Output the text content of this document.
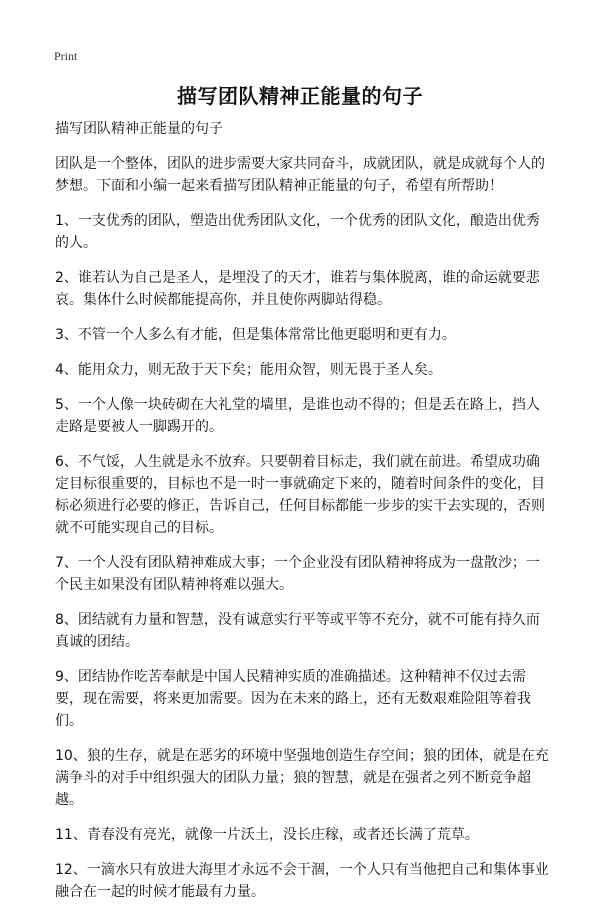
Print
描写团队精神正能量的句子

描写团队精神正能量的句子

团队是一个整体，团队的进步需要大家共同奋斗，成就团队，就是成就每个人的梦想。下面和小编一起来看描写团队精神正能量的句子，希望有所帮助！

1、一支优秀的团队，塑造出优秀团队文化，一个优秀的团队文化，酿造出优秀的人。

2、谁若认为自己是圣人，是埋没了的天才，谁若与集体脱离，谁的命运就要悲哀。集体什么时候都能提高你，并且使你两脚站得稳。

3、不管一个人多么有才能，但是集体常常比他更聪明和更有力。

4、能用众力，则无敌于天下矣；能用众智，则无畏于圣人矣。

5、一个人像一块砖砌在大礼堂的墙里，是谁也动不得的；但是丢在路上，挡人走路是要被人一脚踢开的。

6、不气馁，人生就是永不放弃。只要朝着目标走，我们就在前进。希望成功确定目标很重要的，目标也不是一时一事就确定下来的，随着时间条件的变化，目标必须进行必要的修正，告诉自己，任何目标都能一步步的实干去实现的，否则就不可能实现自己的目标。

7、一个人没有团队精神难成大事；一个企业没有团队精神将成为一盘散沙；一个民主如果没有团队精神将难以强大。

8、团结就有力量和智慧，没有诚意实行平等或平等不充分，就不可能有持久而真诚的团结。

9、团结协作吃苦奉献是中国人民精神实质的准确描述。这种精神不仅过去需要，现在需要，将来更加需要。因为在未来的路上，还有无数艰难险阻等着我们。

10、狼的生存，就是在恶劣的环境中坚强地创造生存空间；狼的团体，就是在充满争斗的对手中组织强大的团队力量；狼的智慧，就是在强者之列不断竞争超越。

11、青春没有亮光，就像一片沃土，没长庄稼，或者还长满了荒草。

12、一滴水只有放进大海里才永远不会干涸，一个人只有当他把自己和集体事业融合在一起的时候才能最有力量。
